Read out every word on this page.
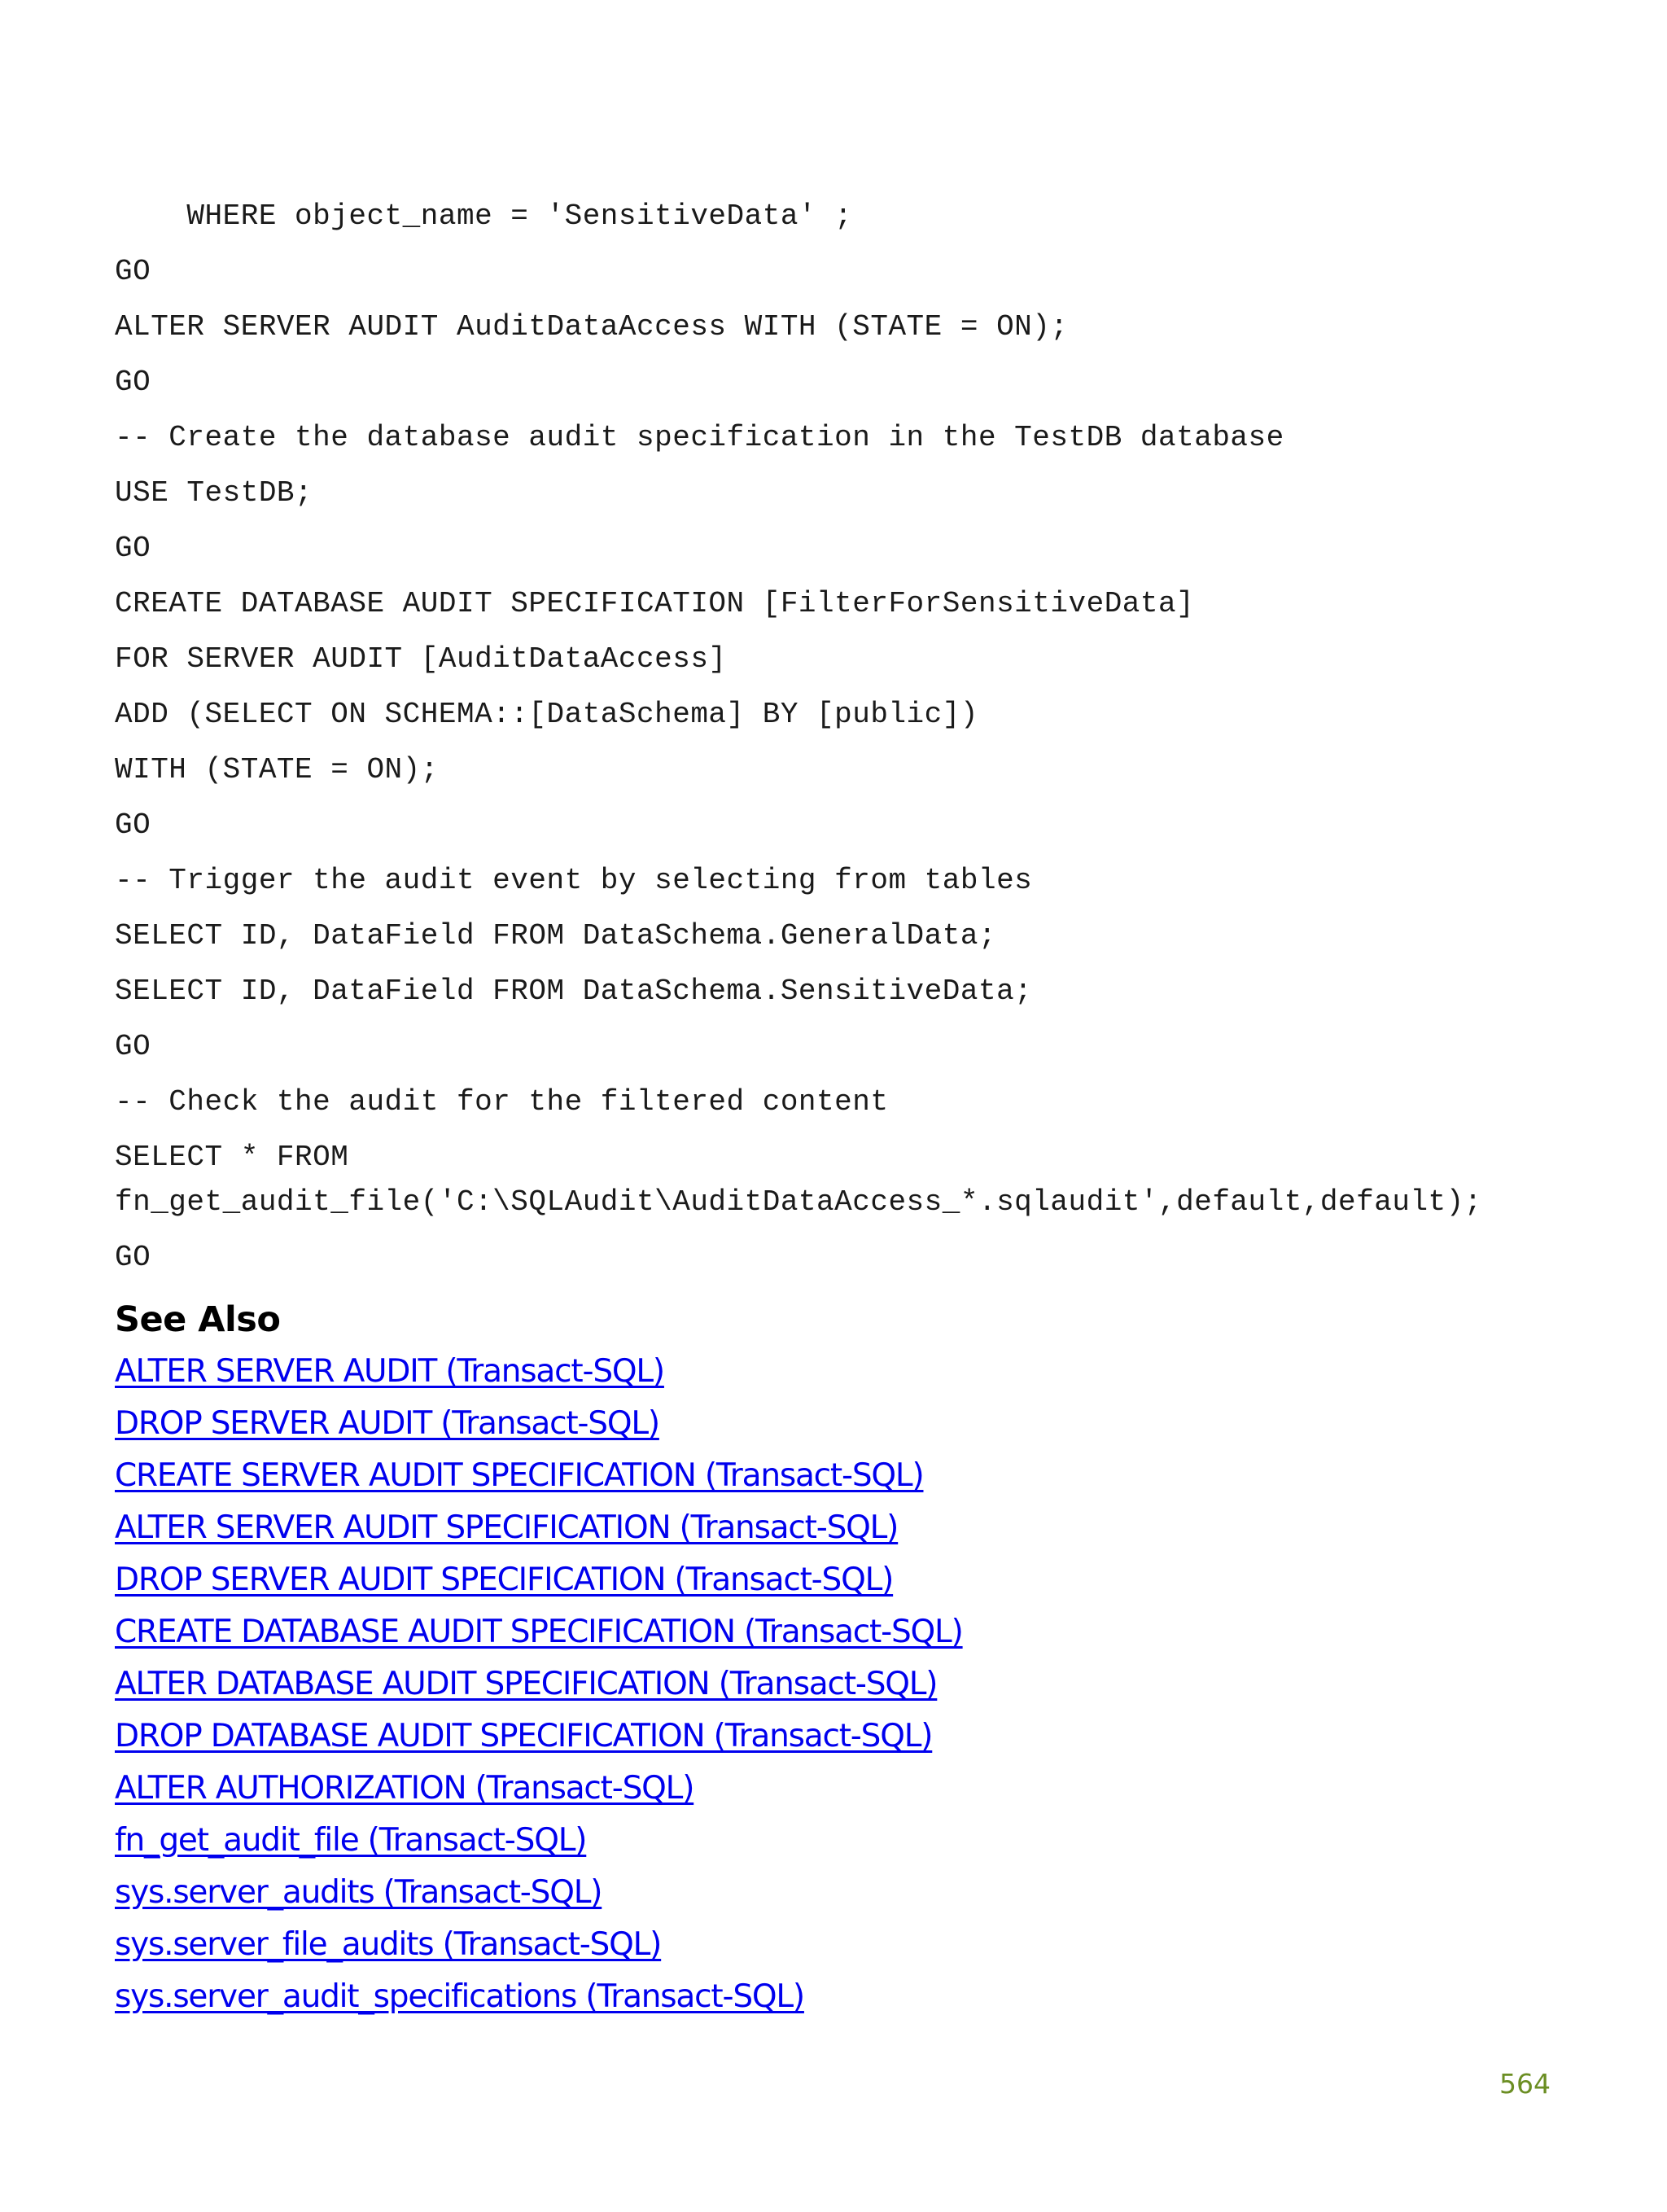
WHERE object_name = 'SensitiveData' ;
GO
ALTER SERVER AUDIT AuditDataAccess WITH (STATE = ON);
GO
-- Create the database audit specification in the TestDB database
USE TestDB;
GO
CREATE DATABASE AUDIT SPECIFICATION [FilterForSensitiveData]
FOR SERVER AUDIT [AuditDataAccess]
ADD (SELECT ON SCHEMA::[DataSchema] BY [public])
WITH (STATE = ON);
GO
-- Trigger the audit event by selecting from tables
SELECT ID, DataField FROM DataSchema.GeneralData;
SELECT ID, DataField FROM DataSchema.SensitiveData;
GO
-- Check the audit for the filtered content
SELECT * FROM
fn_get_audit_file('C:\SQLAudit\AuditDataAccess_*.sqlaudit',default,default);
GO
See Also
ALTER SERVER AUDIT (Transact-SQL)
DROP SERVER AUDIT (Transact-SQL)
CREATE SERVER AUDIT SPECIFICATION (Transact-SQL)
ALTER SERVER AUDIT SPECIFICATION (Transact-SQL)
DROP SERVER AUDIT SPECIFICATION (Transact-SQL)
CREATE DATABASE AUDIT SPECIFICATION (Transact-SQL)
ALTER DATABASE AUDIT SPECIFICATION (Transact-SQL)
DROP DATABASE AUDIT SPECIFICATION (Transact-SQL)
ALTER AUTHORIZATION (Transact-SQL)
fn_get_audit_file (Transact-SQL)
sys.server_audits (Transact-SQL)
sys.server_file_audits (Transact-SQL)
sys.server_audit_specifications (Transact-SQL)
564
